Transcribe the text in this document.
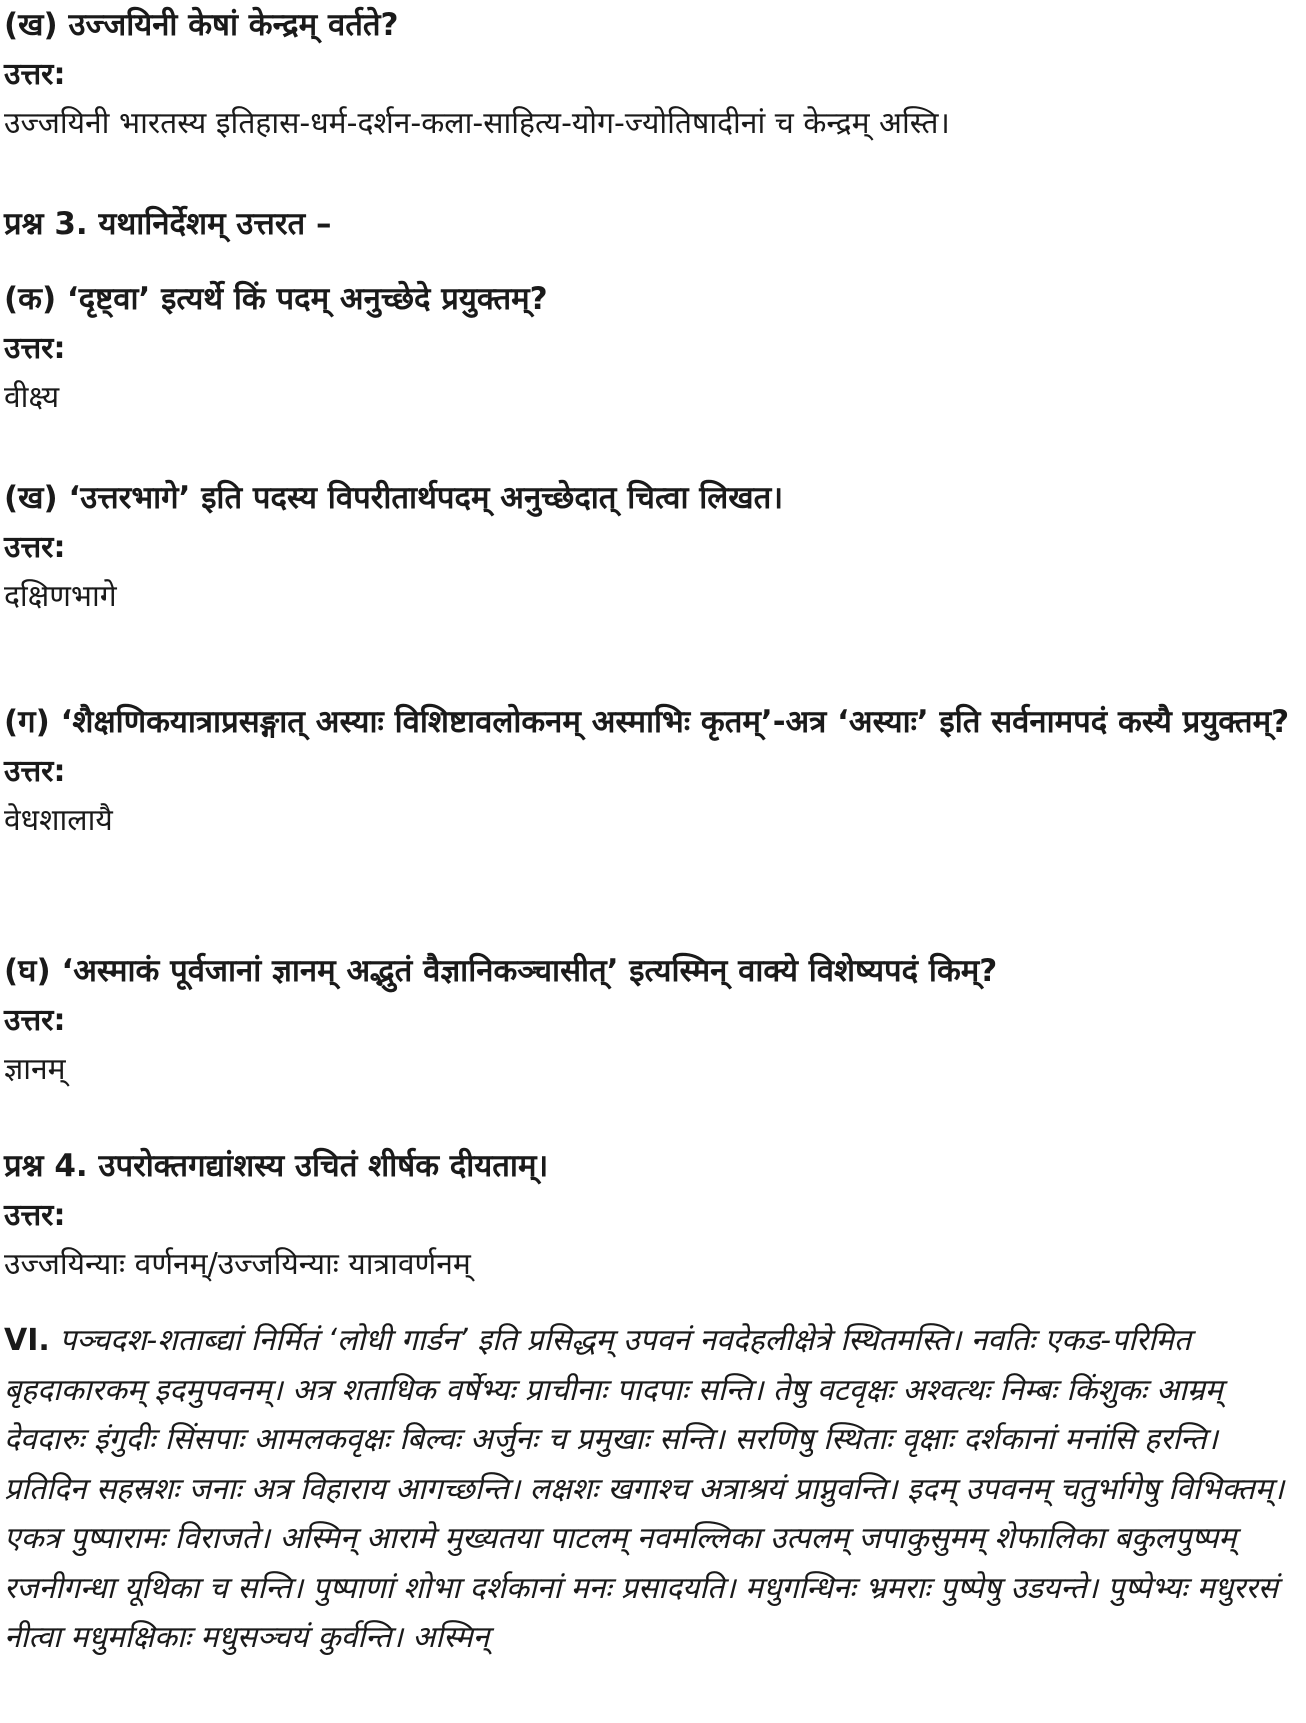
(ख) उज्जयिनी केषां केन्द्रम् वर्तते?

उत्तर:

उज्जयिनी भारतस्य इतिहास-धर्म-दर्शन-कला-साहित्य-योग-ज्योतिषादीनां च केन्द्रम् अस्ति।

प्रश्न 3. यथानिर्देशम् उत्तरत –

(क) ‘दृष्ट्वा’ इत्यर्थे किं पदम् अनुच्छेदे प्रयुक्तम्?

उत्तर:

वीक्ष्य

(ख) ‘उत्तरभागे’ इति पदस्य विपरीतार्थपदम् अनुच्छेदात् चित्वा लिखत।

उत्तर:

दक्षिणभागे

(ग) ‘शैक्षणिकयात्राप्रसङ्गात् अस्याः विशिष्टावलोकनम् अस्माभिः कृतम्’-अत्र ‘अस्याः’ इति सर्वनामपदं कस्यै प्रयुक्तम्?

उत्तर:

वेधशालायै

(घ) ‘अस्माकं पूर्वजानां ज्ञानम् अद्भुतं वैज्ञानिकञ्चासीत्’ इत्यस्मिन् वाक्ये विशेष्यपदं किम्?

उत्तर:

ज्ञानम्

प्रश्न 4. उपरोक्तगद्यांशस्य उचितं शीर्षक दीयताम्।

उत्तर:

उज्जयिन्याः वर्णनम्/उज्जयिन्याः यात्रावर्णनम्

VI. पञ्चदश-शताब्द्यां निर्मितं ‘लोधी गार्डन’ इति प्रसिद्धम् उपवनं नवदेहलीक्षेत्रे स्थितमस्ति। नवतिः एकड-परिमित बृहदाकारकम् इदमुपवनम्। अत्र शताधिक वर्षेभ्यः प्राचीनाः पादपाः सन्ति। तेषु वटवृक्षः अश्वत्थः निम्बः किंशुकः आम्रम् देवदारुः इंगुदीः सिंसपाः आमलकवृक्षः बिल्वः अर्जुनः च प्रमुखाः सन्ति। सरणिषु स्थिताः वृक्षाः दर्शकानां मनांसि हरन्ति। प्रतिदिन सहस्रशः जनाः अत्र विहाराय आगच्छन्ति। लक्षशः खगाश्च अत्राश्रयं प्राप्नुवन्ति। इदम् उपवनम् चतुर्भागेषु विभिक्तम्। एकत्र पुष्पारामः विराजते। अस्मिन् आरामे मुख्यतया पाटलम् नवमल्लिका उत्पलम् जपाकुसुमम् शेफालिका बकुलपुष्पम् रजनीगन्धा यूथिका च सन्ति। पुष्पाणां शोभा दर्शकानां मनः प्रसादयति। मधुगन्धिनः भ्रमराः पुष्पेषु उडयन्ते। पुष्पेभ्यः मधुररसं नीत्वा मधुमक्षिकाः मधुसञ्चयं कुर्वन्ति। अस्मिन्
